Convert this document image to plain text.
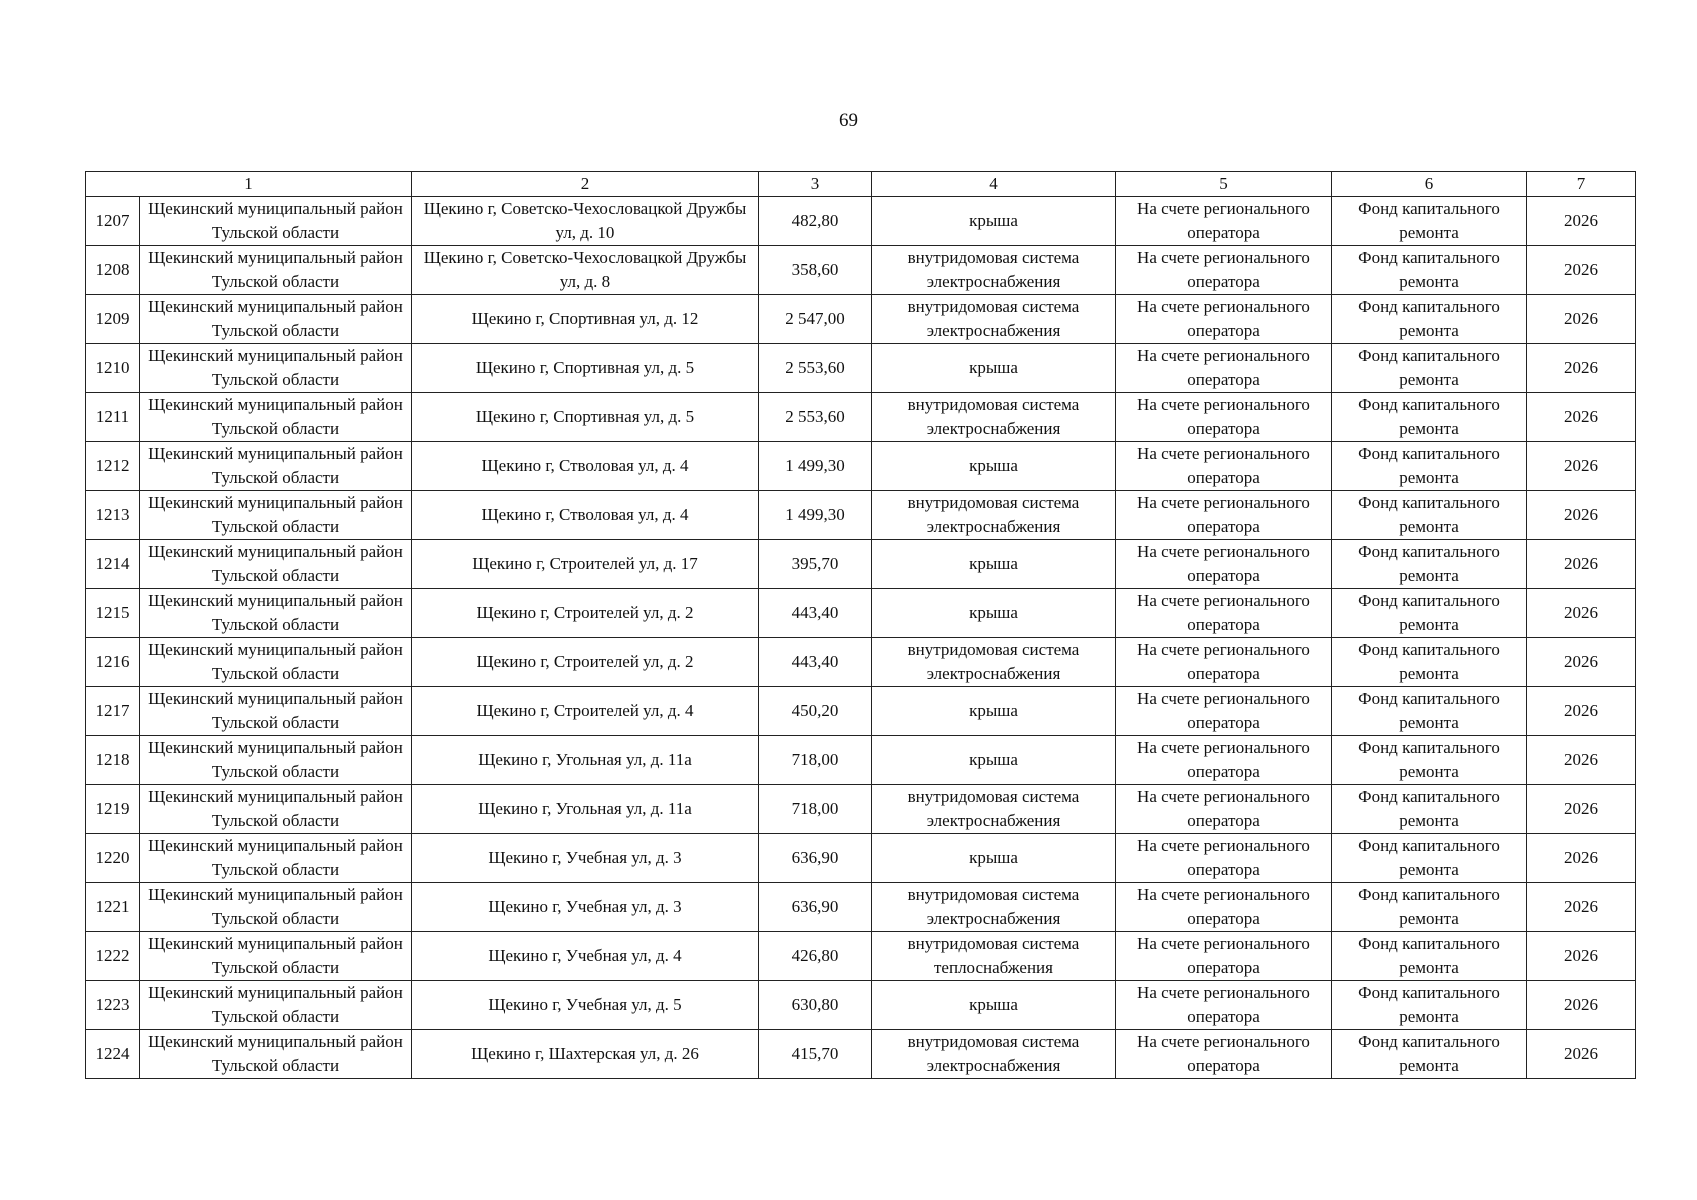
69
1		2	3	4	5	6	7
1207	Щекинский муниципальный район Тульской области	Щекино г, Советско-Чехословацкой Дружбы ул, д. 10	482,80	крыша	На счете регионального оператора	Фонд капитального ремонта	2026
1208	Щекинский муниципальный район Тульской области	Щекино г, Советско-Чехословацкой Дружбы ул, д. 8	358,60	внутридомовая система электроснабжения	На счете регионального оператора	Фонд капитального ремонта	2026
1209	Щекинский муниципальный район Тульской области	Щекино г, Спортивная ул, д. 12	2 547,00	внутридомовая система электроснабжения	На счете регионального оператора	Фонд капитального ремонта	2026
1210	Щекинский муниципальный район Тульской области	Щекино г, Спортивная ул, д. 5	2 553,60	крыша	На счете регионального оператора	Фонд капитального ремонта	2026
1211	Щекинский муниципальный район Тульской области	Щекино г, Спортивная ул, д. 5	2 553,60	внутридомовая система электроснабжения	На счете регионального оператора	Фонд капитального ремонта	2026
1212	Щекинский муниципальный район Тульской области	Щекино г, Стволовая ул, д. 4	1 499,30	крыша	На счете регионального оператора	Фонд капитального ремонта	2026
1213	Щекинский муниципальный район Тульской области	Щекино г, Стволовая ул, д. 4	1 499,30	внутридомовая система электроснабжения	На счете регионального оператора	Фонд капитального ремонта	2026
1214	Щекинский муниципальный район Тульской области	Щекино г, Строителей ул, д. 17	395,70	крыша	На счете регионального оператора	Фонд капитального ремонта	2026
1215	Щекинский муниципальный район Тульской области	Щекино г, Строителей ул, д. 2	443,40	крыша	На счете регионального оператора	Фонд капитального ремонта	2026
1216	Щекинский муниципальный район Тульской области	Щекино г, Строителей ул, д. 2	443,40	внутридомовая система электроснабжения	На счете регионального оператора	Фонд капитального ремонта	2026
1217	Щекинский муниципальный район Тульской области	Щекино г, Строителей ул, д. 4	450,20	крыша	На счете регионального оператора	Фонд капитального ремонта	2026
1218	Щекинский муниципальный район Тульской области	Щекино г, Угольная ул, д. 11а	718,00	крыша	На счете регионального оператора	Фонд капитального ремонта	2026
1219	Щекинский муниципальный район Тульской области	Щекино г, Угольная ул, д. 11а	718,00	внутридомовая система электроснабжения	На счете регионального оператора	Фонд капитального ремонта	2026
1220	Щекинский муниципальный район Тульской области	Щекино г, Учебная ул, д. 3	636,90	крыша	На счете регионального оператора	Фонд капитального ремонта	2026
1221	Щекинский муниципальный район Тульской области	Щекино г, Учебная ул, д. 3	636,90	внутридомовая система электроснабжения	На счете регионального оператора	Фонд капитального ремонта	2026
1222	Щекинский муниципальный район Тульской области	Щекино г, Учебная ул, д. 4	426,80	внутридомовая система теплоснабжения	На счете регионального оператора	Фонд капитального ремонта	2026
1223	Щекинский муниципальный район Тульской области	Щекино г, Учебная ул, д. 5	630,80	крыша	На счете регионального оператора	Фонд капитального ремонта	2026
1224	Щекинский муниципальный район Тульской области	Щекино г, Шахтерская ул, д. 26	415,70	внутридомовая система электроснабжения	На счете регионального оператора	Фонд капитального ремонта	2026
